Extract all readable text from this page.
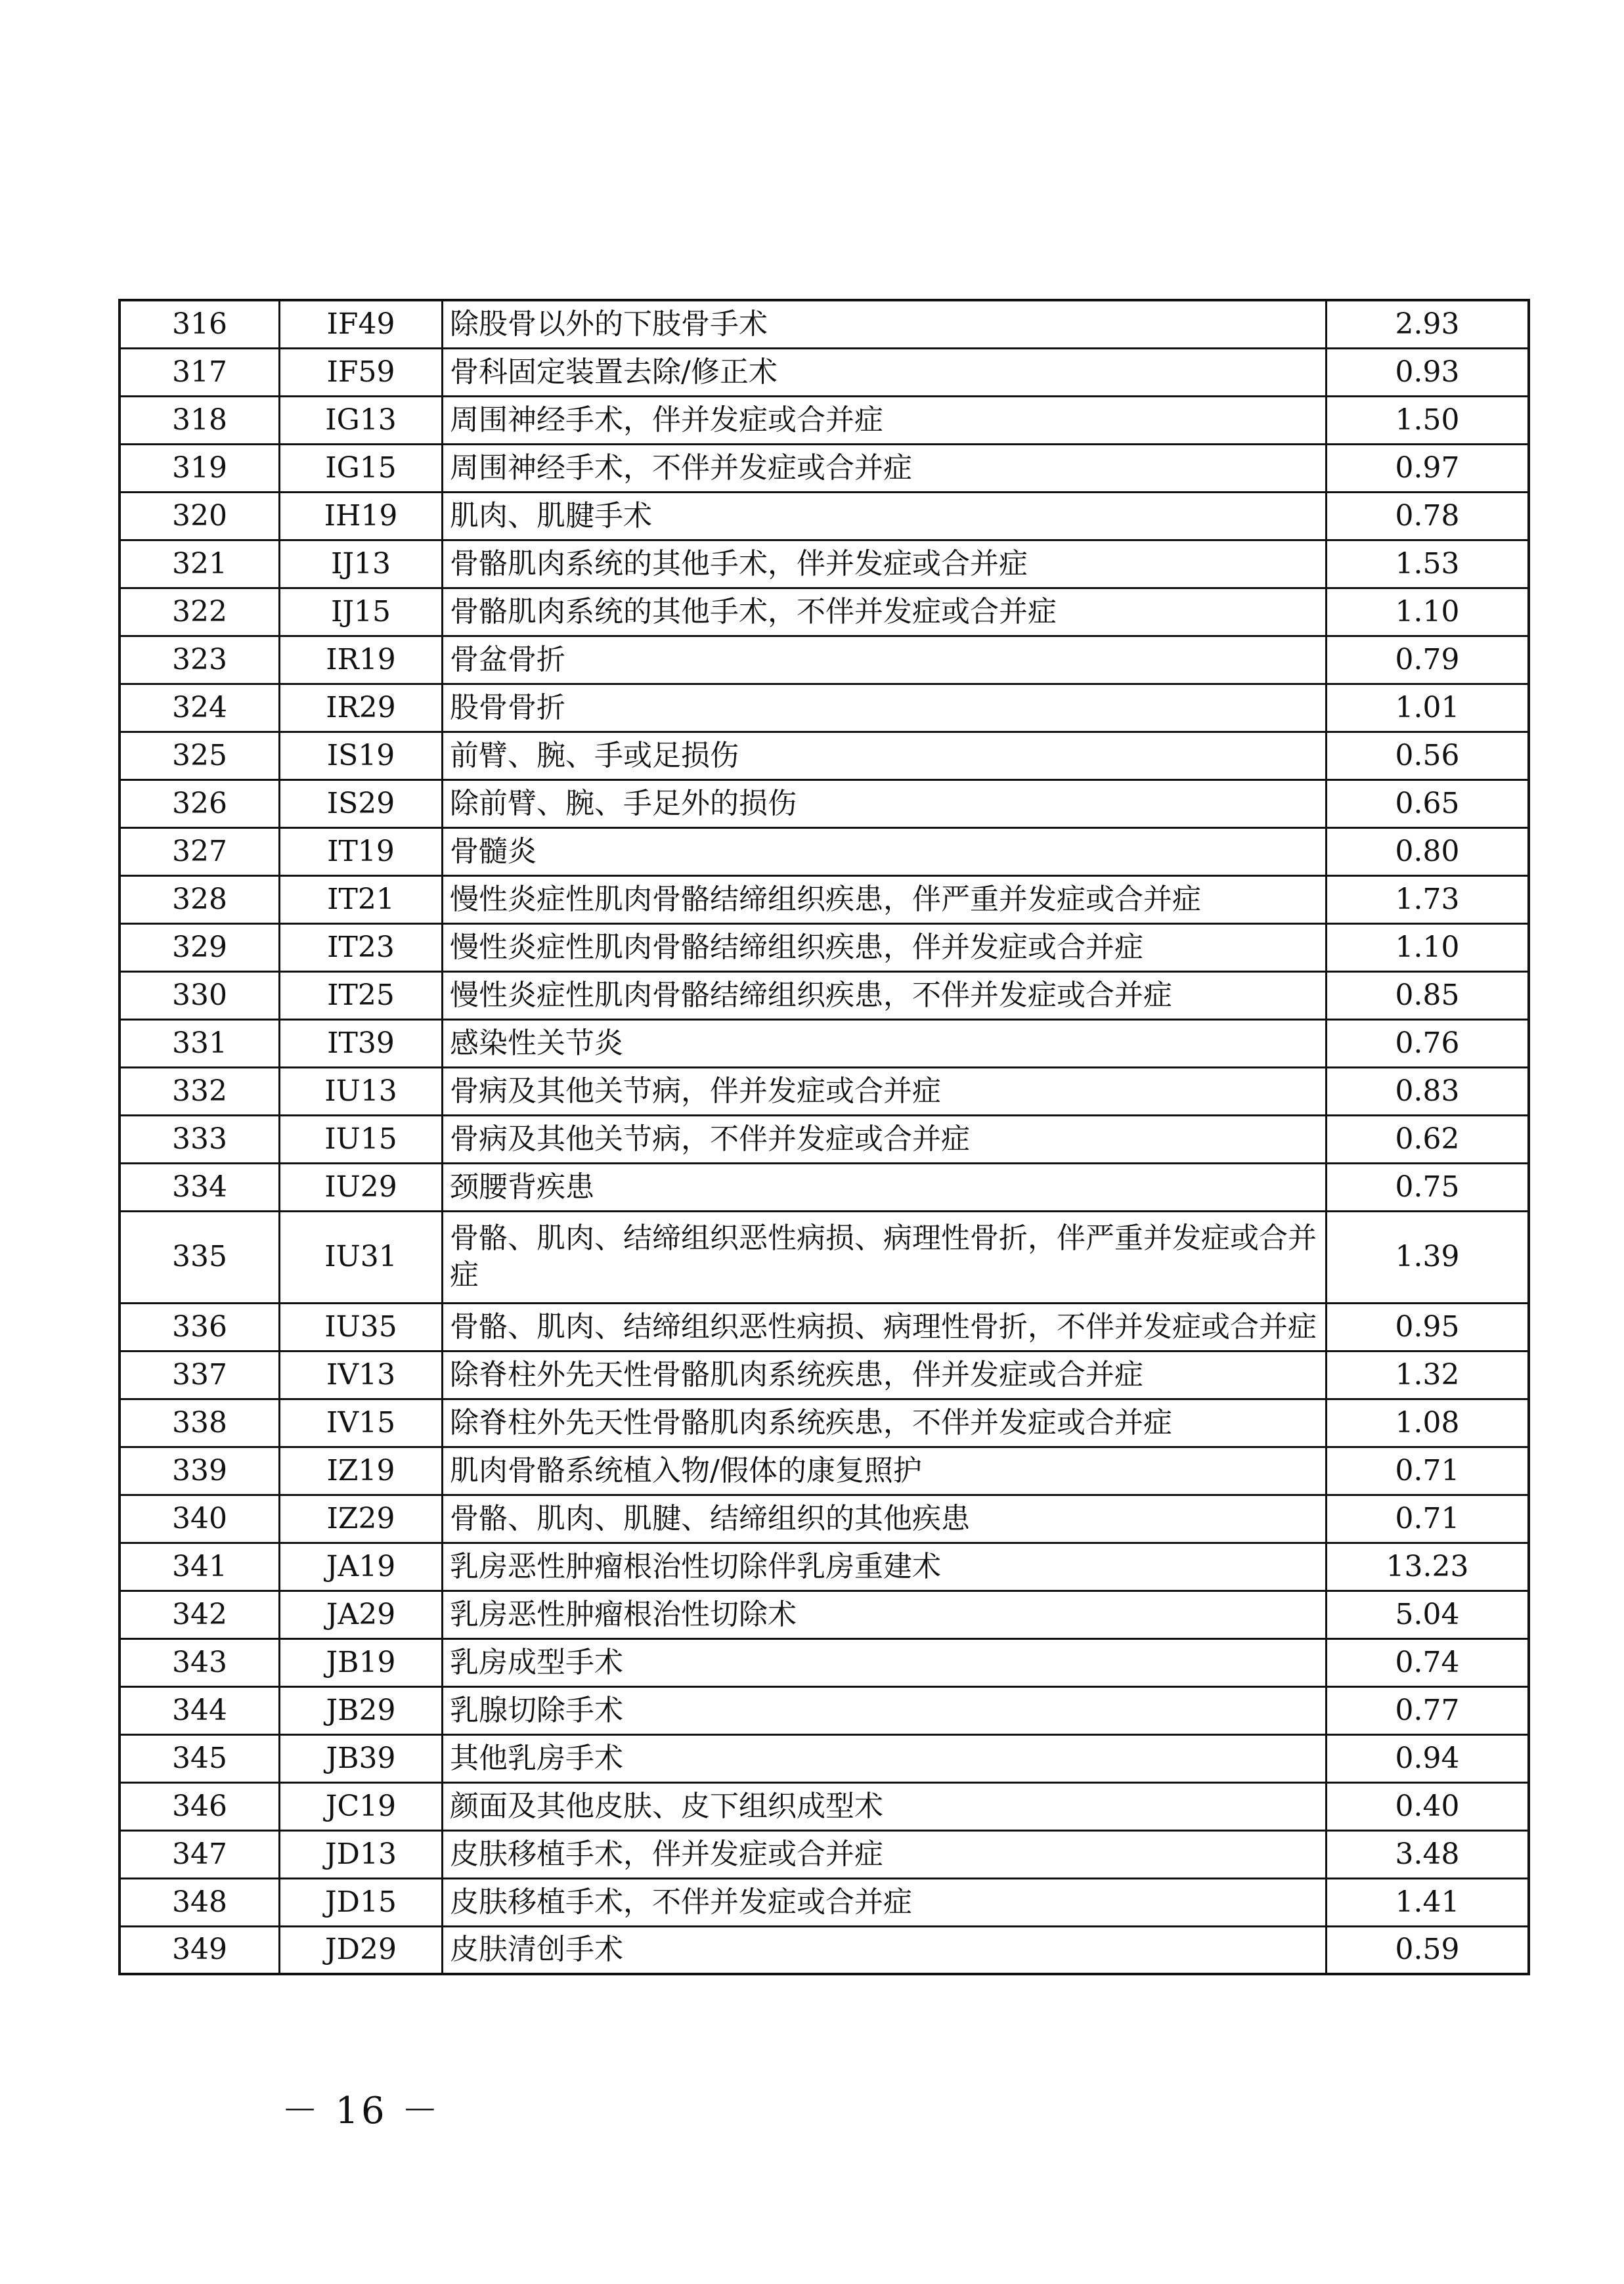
316	IF49	除股骨以外的下肢骨手术	2.93
317	IF59	骨科固定装置去除/修正术	0.93
318	IG13	周围神经手术，伴并发症或合并症	1.50
319	IG15	周围神经手术，不伴并发症或合并症	0.97
320	IH19	肌肉、肌腱手术	0.78
321	IJ13	骨骼肌肉系统的其他手术，伴并发症或合并症	1.53
322	IJ15	骨骼肌肉系统的其他手术，不伴并发症或合并症	1.10
323	IR19	骨盆骨折	0.79
324	IR29	股骨骨折	1.01
325	IS19	前臂、腕、手或足损伤	0.56
326	IS29	除前臂、腕、手足外的损伤	0.65
327	IT19	骨髓炎	0.80
328	IT21	慢性炎症性肌肉骨骼结缔组织疾患，伴严重并发症或合并症	1.73
329	IT23	慢性炎症性肌肉骨骼结缔组织疾患，伴并发症或合并症	1.10
330	IT25	慢性炎症性肌肉骨骼结缔组织疾患，不伴并发症或合并症	0.85
331	IT39	感染性关节炎	0.76
332	IU13	骨病及其他关节病，伴并发症或合并症	0.83
333	IU15	骨病及其他关节病，不伴并发症或合并症	0.62
334	IU29	颈腰背疾患	0.75
335	IU31	骨骼、肌肉、结缔组织恶性病损、病理性骨折，伴严重并发症或合并症	1.39
336	IU35	骨骼、肌肉、结缔组织恶性病损、病理性骨折，不伴并发症或合并症	0.95
337	IV13	除脊柱外先天性骨骼肌肉系统疾患，伴并发症或合并症	1.32
338	IV15	除脊柱外先天性骨骼肌肉系统疾患，不伴并发症或合并症	1.08
339	IZ19	肌肉骨骼系统植入物/假体的康复照护	0.71
340	IZ29	骨骼、肌肉、肌腱、结缔组织的其他疾患	0.71
341	JA19	乳房恶性肿瘤根治性切除伴乳房重建术	13.23
342	JA29	乳房恶性肿瘤根治性切除术	5.04
343	JB19	乳房成型手术	0.74
344	JB29	乳腺切除手术	0.77
345	JB39	其他乳房手术	0.94
346	JC19	颜面及其他皮肤、皮下组织成型术	0.40
347	JD13	皮肤移植手术，伴并发症或合并症	3.48
348	JD15	皮肤移植手术，不伴并发症或合并症	1.41
349	JD29	皮肤清创手术	0.59
－ 16 －
